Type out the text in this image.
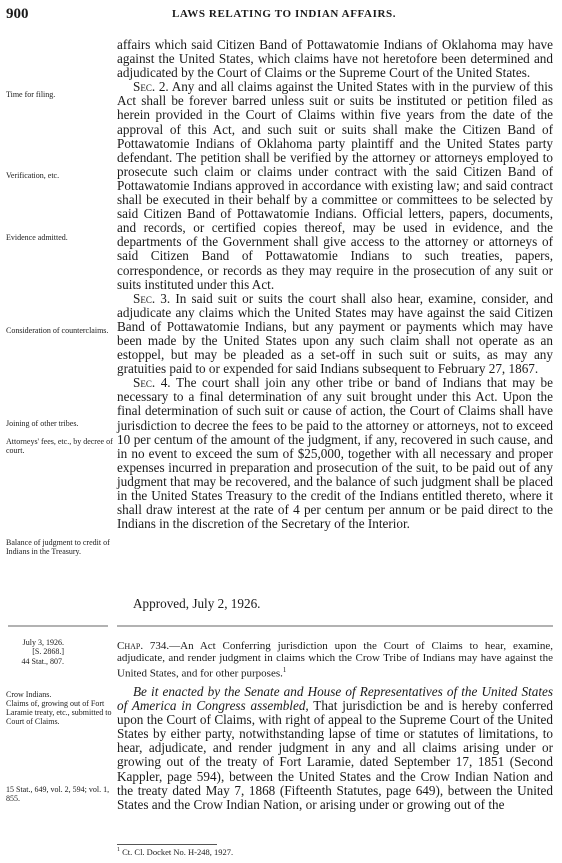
900	LAWS RELATING TO INDIAN AFFAIRS.
Time for filing.
Verification, etc.
Evidence admitted.
Consideration of counterclaims.
Joining of other tribes.
Attorneys' fees, etc., by decree of court.
Balance of judgment to credit of Indians in the Treasury.

affairs which said Citizen Band of Pottawatomie Indians of Oklahoma may have against the United States, which claims have not heretofore been determined and adjudicated by the Court of Claims or the Supreme Court of the United States.

Sec. 2. Any and all claims against the United States with in the purview of this Act shall be forever barred unless suit or suits be instituted or petition filed as herein provided in the Court of Claims within five years from the date of the approval of this Act, and such suit or suits shall make the Citizen Band of Pottawatomie Indians of Oklahoma party plaintiff and the United States party defendant. The petition shall be verified by the attorney or attorneys employed to prosecute such claim or claims under contract with the said Citizen Band of Pottawatomie Indians approved in accordance with existing law; and said contract shall be executed in their behalf by a committee or committees to be selected by said Citizen Band of Pottawatomie Indians. Official letters, papers, documents, and records, or certified copies thereof, may be used in evidence, and the departments of the Government shall give access to the attorney or attorneys of said Citizen Band of Pottawatomie Indians to such treaties, papers, correspondence, or records as they may require in the prosecution of any suit or suits instituted under this Act.

Sec. 3. In said suit or suits the court shall also hear, examine, consider, and adjudicate any claims which the United States may have against the said Citizen Band of Pottawatomie Indians, but any payment or payments which may have been made by the United States upon any such claim shall not operate as an estoppel, but may be pleaded as a set-off in such suit or suits, as may any gratuities paid to or expended for said Indians subsequent to February 27, 1867.

Sec. 4. The court shall join any other tribe or band of Indians that may be necessary to a final determination of any suit brought under this Act. Upon the final determination of such suit or cause of action, the Court of Claims shall have jurisdiction to decree the fees to be paid to the attorney or attorneys, not to exceed 10 per centum of the amount of the judgment, if any, recovered in such cause, and in no event to exceed the sum of $25,000, together with all necessary and proper expenses incurred in preparation and prosecution of the suit, to be paid out of any judgment that may be recovered, and the balance of such judgment shall be placed in the United States Treasury to the credit of the Indians entitled thereto, where it shall draw interest at the rate of 4 per centum per annum or be paid direct to the Indians in the discretion of the Secretary of the Interior.

Approved, July 2, 1926.
July 3, 1926.
[S. 2868.]
44 Stat., 807.
Crow Indians.
Claims of, growing out of Fort Laramie treaty, etc., submitted to Court of Claims.
15 Stat., 649, vol. 2, 594; vol. 1, 855.
Chap. 734.—An Act Conferring jurisdiction upon the Court of Claims to hear, examine, adjudicate, and render judgment in claims which the Crow Tribe of Indians may have against the United States, and for other purposes.$^1$

Be it enacted by the Senate and House of Representatives of the United States of America in Congress assembled, That jurisdiction be and is hereby conferred upon the Court of Claims, with right of appeal to the Supreme Court of the United States by either party, notwithstanding lapse of time or statutes of limitations, to hear, adjudicate, and render judgment in any and all claims arising under or growing out of the treaty of Fort Laramie, dated September 17, 1851 (Second Kappler, page 594), between the United States and the Crow Indian Nation and the treaty dated May 7, 1868 (Fifteenth Statutes, page 649), between the United States and the Crow Indian Nation, or arising under or growing out of the

$^1$ Ct. Cl. Docket No. H-248, 1927.
